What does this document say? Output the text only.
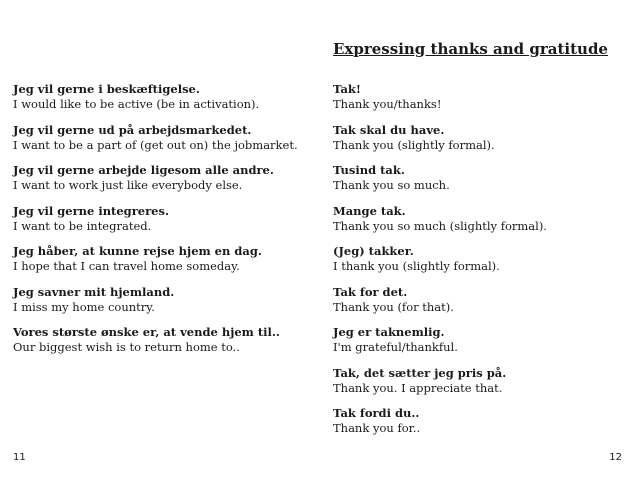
Expressing thanks and gratitude
Jeg vil gerne i beskæftigelse.
I would like to be active (be in activation).
Jeg vil gerne ud på arbejdsmarkedet.
I want to be a part of (get out on) the jobmarket.
Jeg vil gerne arbejde ligesom alle andre.
I want to work just like everybody else.
Jeg vil gerne integreres.
I want to be integrated.
Jeg håber, at kunne rejse hjem en dag.
I hope that I can travel home someday.
Jeg savner mit hjemland.
I miss my home country.
Vores største ønske er, at vende hjem til..
Our biggest wish is to return home to..
Tak!
Thank you/thanks!
Tak skal du have.
Thank you (slightly formal).
Tusind tak.
Thank you so much.
Mange tak.
Thank you so much (slightly formal).
(Jeg) takker.
I thank you (slightly formal).
Tak for det.
Thank you (for that).
Jeg er taknemlig.
I'm grateful/thankful.
Tak, det sætter jeg pris på.
Thank you. I appreciate that.
Tak fordi du..
Thank you for..
11	12
